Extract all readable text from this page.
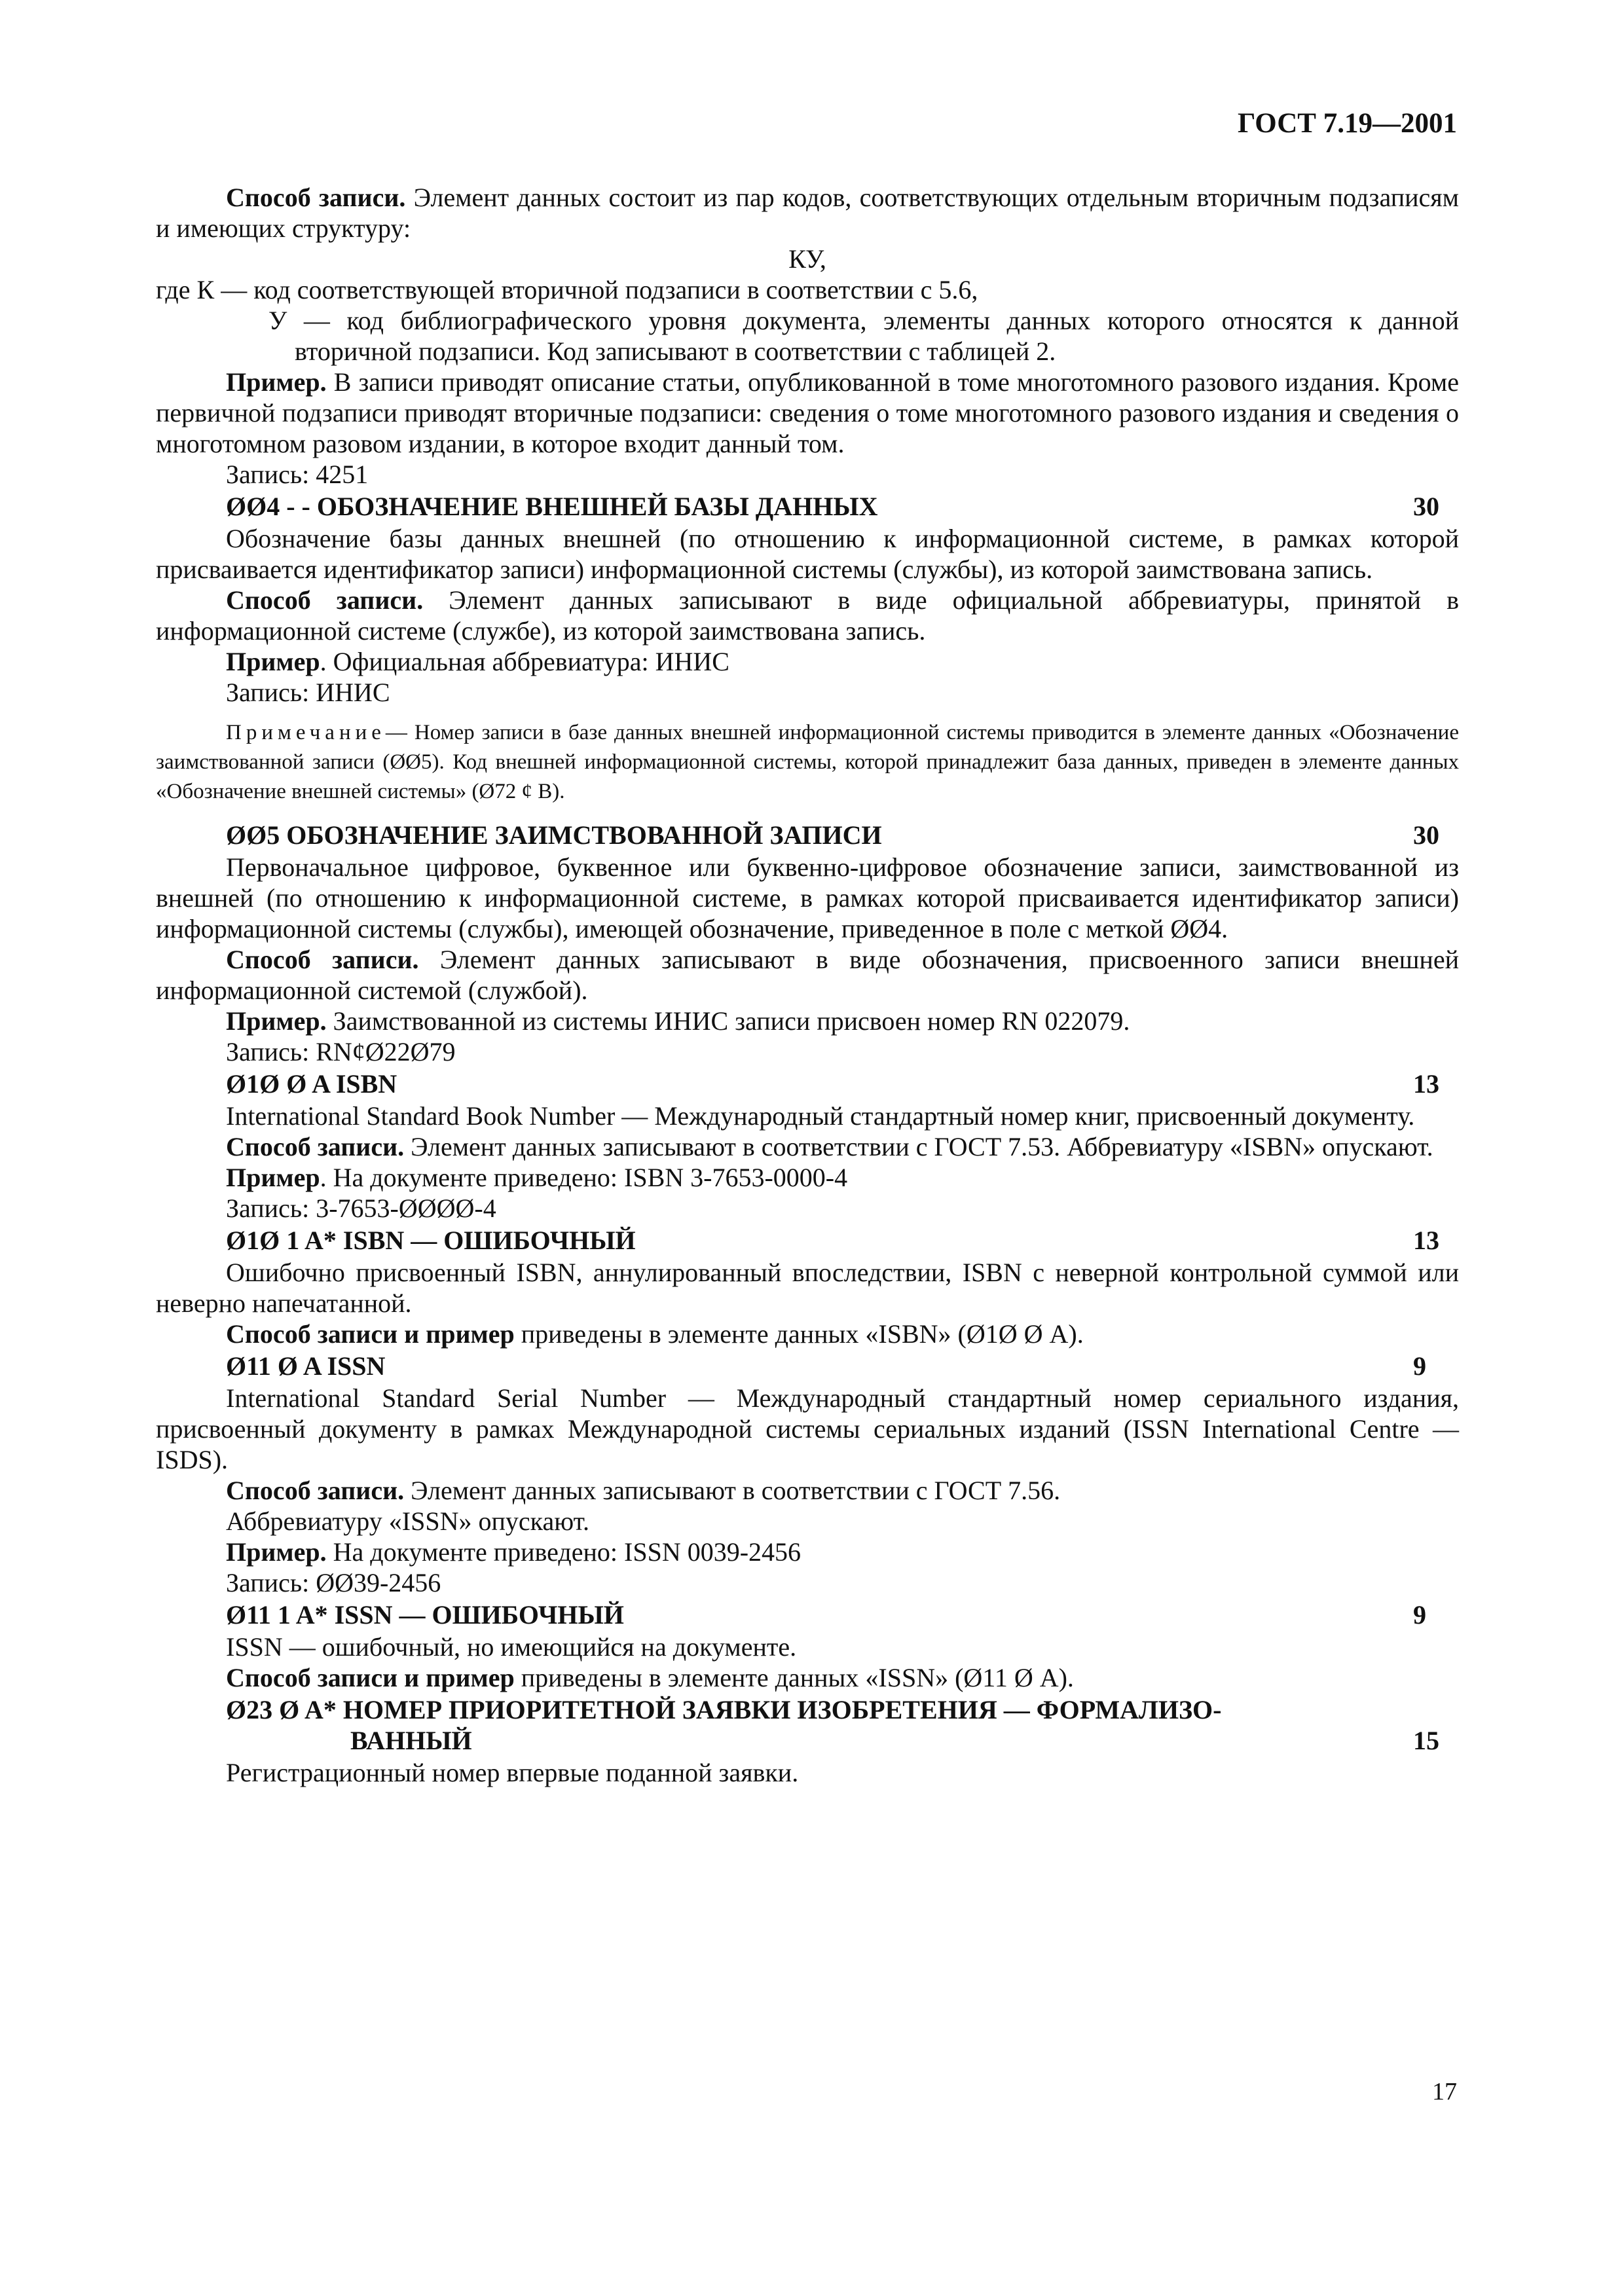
ГОСТ 7.19—2001

Способ записи. Элемент данных состоит из пар кодов, соответствующих отдельным вторичным подзаписям и имеющих структуру:

КУ,

где К — код соответствующей вторичной подзаписи в соответствии с 5.6,

У — код библиографического уровня документа, элементы данных которого относятся к данной вторичной подзаписи. Код записывают в соответствии с таблицей 2.

Пример. В записи приводят описание статьи, опубликованной в томе многотомного разового издания. Кроме первичной подзаписи приводят вторичные подзаписи: сведения о томе многотомного разового издания и сведения о многотомном разовом издании, в которое входит данный том.

Запись: 4251

ØØ4 - - ОБОЗНАЧЕНИЕ ВНЕШНЕЙ БАЗЫ ДАННЫХ	30

Обозначение базы данных внешней (по отношению к информационной системе, в рамках которой присваивается идентификатор записи) информационной системы (службы), из которой заимствована запись.

Способ записи. Элемент данных записывают в виде официальной аббревиатуры, принятой в информационной системе (службе), из которой заимствована запись.

Пример. Официальная аббревиатура: ИНИС

Запись: ИНИС

Примечание— Номер записи в базе данных внешней информационной системы приводится в элементе данных «Обозначение заимствованной записи (ØØ5). Код внешней информационной системы, которой принадлежит база данных, приведен в элементе данных «Обозначение внешней системы» (Ø72 ¢ В).

ØØ5 ОБОЗНАЧЕНИЕ ЗАИМСТВОВАННОЙ ЗАПИСИ	30

Первоначальное цифровое, буквенное или буквенно-цифровое обозначение записи, заимствованной из внешней (по отношению к информационной системе, в рамках которой присваивается идентификатор записи) информационной системы (службы), имеющей обозначение, приведенное в поле с меткой ØØ4.

Способ записи. Элемент данных записывают в виде обозначения, присвоенного записи внешней информационной системой (службой).

Пример. Заимствованной из системы ИНИС записи присвоен номер RN 022079.

Запись: RN¢Ø22Ø79

Ø1Ø Ø A ISBN	13

International Standard Book Number — Международный стандартный номер книг, присвоенный документу.

Способ записи. Элемент данных записывают в соответствии с ГОСТ 7.53. Аббревиатуру «ISBN» опускают.

Пример. На документе приведено: ISBN 3-7653-0000-4

Запись: 3-7653-ØØØØ-4

Ø1Ø 1 A* ISBN — ОШИБОЧНЫЙ	13

Ошибочно присвоенный ISBN, аннулированный впоследствии, ISBN с неверной контрольной суммой или неверно напечатанной.

Способ записи и пример приведены в элементе данных «ISBN» (Ø1Ø Ø А).

Ø11 Ø A ISSN	9

International Standard Serial Number — Международный стандартный номер сериального издания, присвоенный документу в рамках Международной системы сериальных изданий (ISSN International Centre — ISDS).

Способ записи. Элемент данных записывают в соответствии с ГОСТ 7.56.

Аббревиатуру «ISSN» опускают.

Пример. На документе приведено: ISSN 0039-2456

Запись: ØØ39-2456

Ø11 1 A* ISSN — ОШИБОЧНЫЙ	9

ISSN — ошибочный, но имеющийся на документе.

Способ записи и пример приведены в элементе данных «ISSN» (Ø11 Ø А).

Ø23 Ø A* НОМЕР ПРИОРИТЕТНОЙ ЗАЯВКИ ИЗОБРЕТЕНИЯ — ФОРМАЛИЗО-
ВАННЫЙ	15

Регистрационный номер впервые поданной заявки.

17
